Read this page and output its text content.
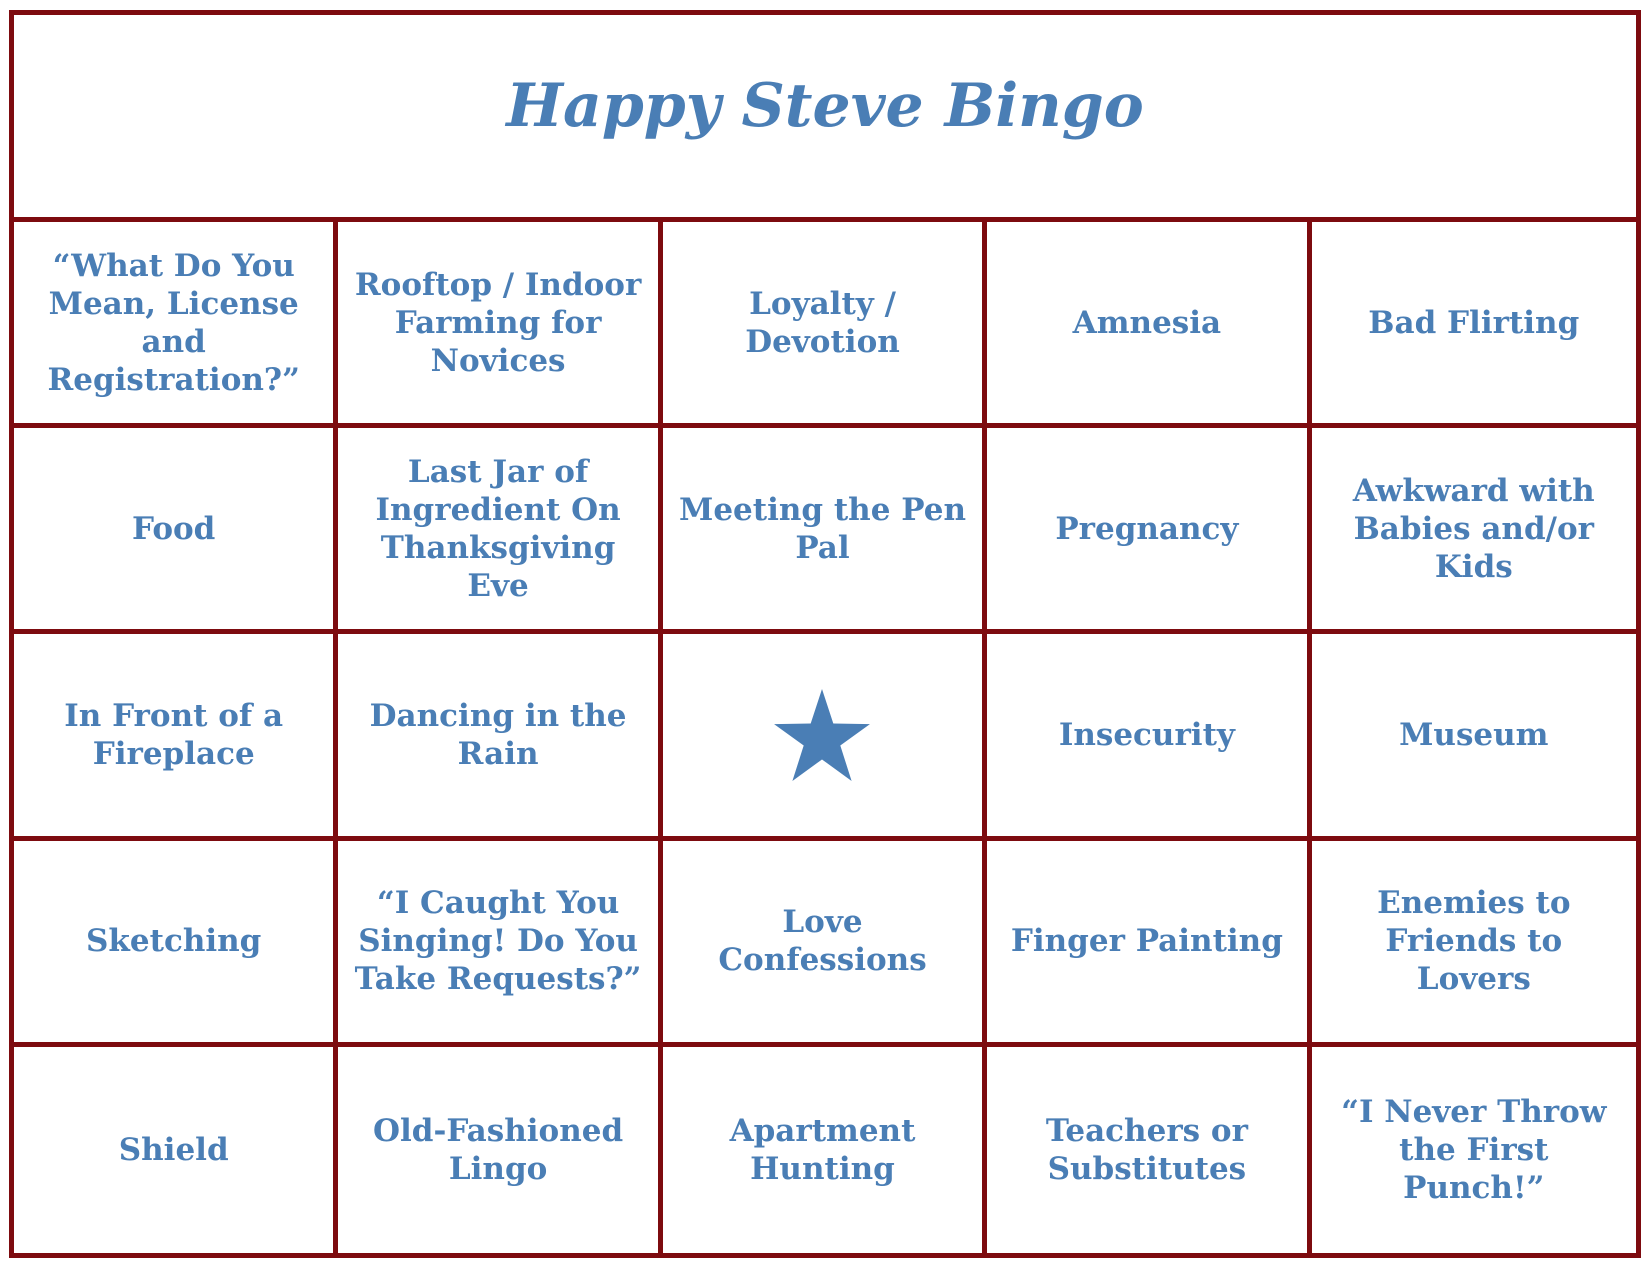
Happy Steve Bingo
“What Do You Mean, License and Registration?”
Rooftop / Indoor Farming for Novices
Loyalty / Devotion
Amnesia	Bad Flirting
Food
Last Jar of Ingredient On Thanksgiving Eve
Meeting the Pen Pal
Pregnancy
Awkward with Babies and/or Kids
In Front of a Fireplace
Dancing in the Rain
Insecurity	Museum
Sketching
“I Caught You Singing! Do You Take Requests?”
Love Confessions
Finger Painting
Enemies to Friends to Lovers
Shield
Old-Fashioned Lingo
Apartment Hunting
Teachers or Substitutes
“I Never Throw the First Punch!”
